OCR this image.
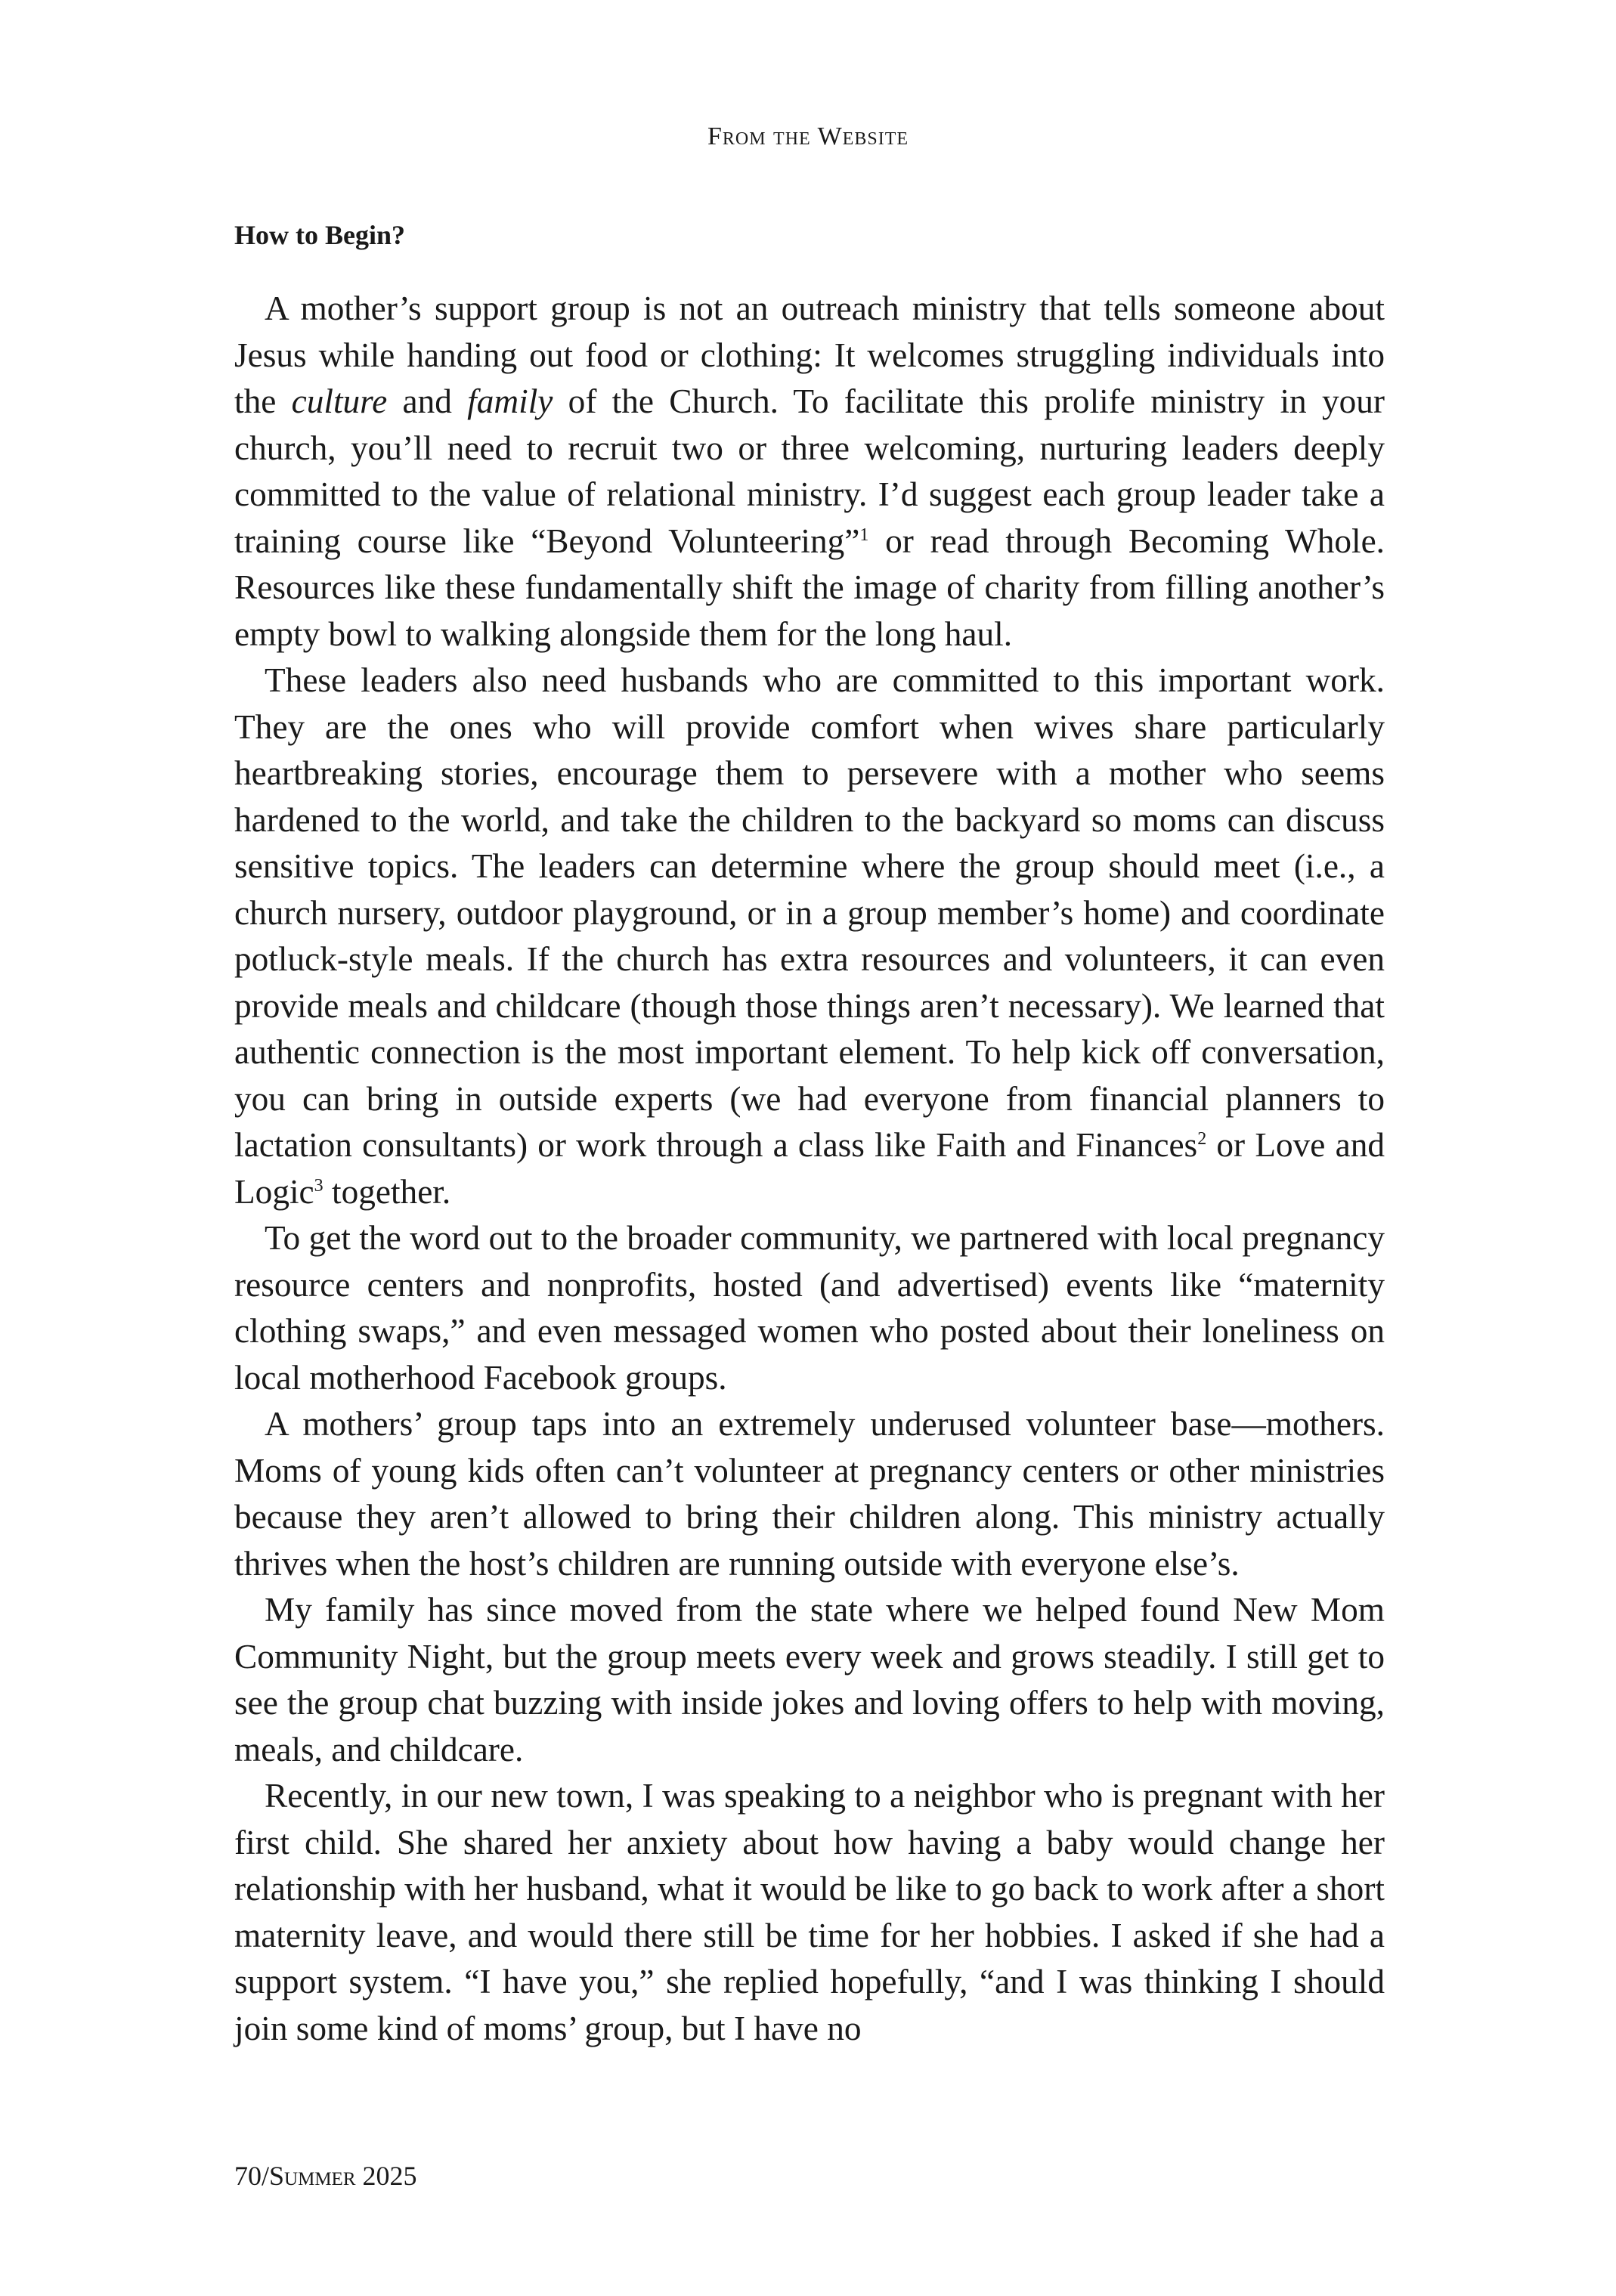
From the Website
How to Begin?

A mother’s support group is not an outreach ministry that tells someone about Jesus while handing out food or clothing: It welcomes struggling individuals into the culture and family of the Church. To facilitate this prolife ministry in your church, you’ll need to recruit two or three welcoming, nurturing leaders deeply committed to the value of relational ministry. I’d suggest each group leader take a training course like “Beyond Volunteering”$^1$ or read through Becoming Whole. Resources like these fundamentally shift the image of charity from filling another’s empty bowl to walking alongside them for the long haul.

These leaders also need husbands who are committed to this important work. They are the ones who will provide comfort when wives share particularly heartbreaking stories, encourage them to persevere with a mother who seems hardened to the world, and take the children to the backyard so moms can discuss sensitive topics. The leaders can determine where the group should meet (i.e., a church nursery, outdoor playground, or in a group member’s home) and coordinate potluck-style meals. If the church has extra resources and volunteers, it can even provide meals and childcare (though those things aren’t necessary). We learned that authentic connection is the most important element. To help kick off conversation, you can bring in outside experts (we had everyone from financial planners to lactation consultants) or work through a class like Faith and Finances$^2$ or Love and Logic$^3$ together.

To get the word out to the broader community, we partnered with local pregnancy resource centers and nonprofits, hosted (and advertised) events like “maternity clothing swaps,” and even messaged women who posted about their loneliness on local motherhood Facebook groups.

A mothers’ group taps into an extremely underused volunteer base—mothers. Moms of young kids often can’t volunteer at pregnancy centers or other ministries because they aren’t allowed to bring their children along. This ministry actually thrives when the host’s children are running outside with everyone else’s.

My family has since moved from the state where we helped found New Mom Community Night, but the group meets every week and grows steadily. I still get to see the group chat buzzing with inside jokes and loving offers to help with moving, meals, and childcare.

Recently, in our new town, I was speaking to a neighbor who is pregnant with her first child. She shared her anxiety about how having a baby would change her relationship with her husband, what it would be like to go back to work after a short maternity leave, and would there still be time for her hobbies. I asked if she had a support system. “I have you,” she replied hopefully, “and I was thinking I should join some kind of moms’ group, but I have no

70/Summer 2025
